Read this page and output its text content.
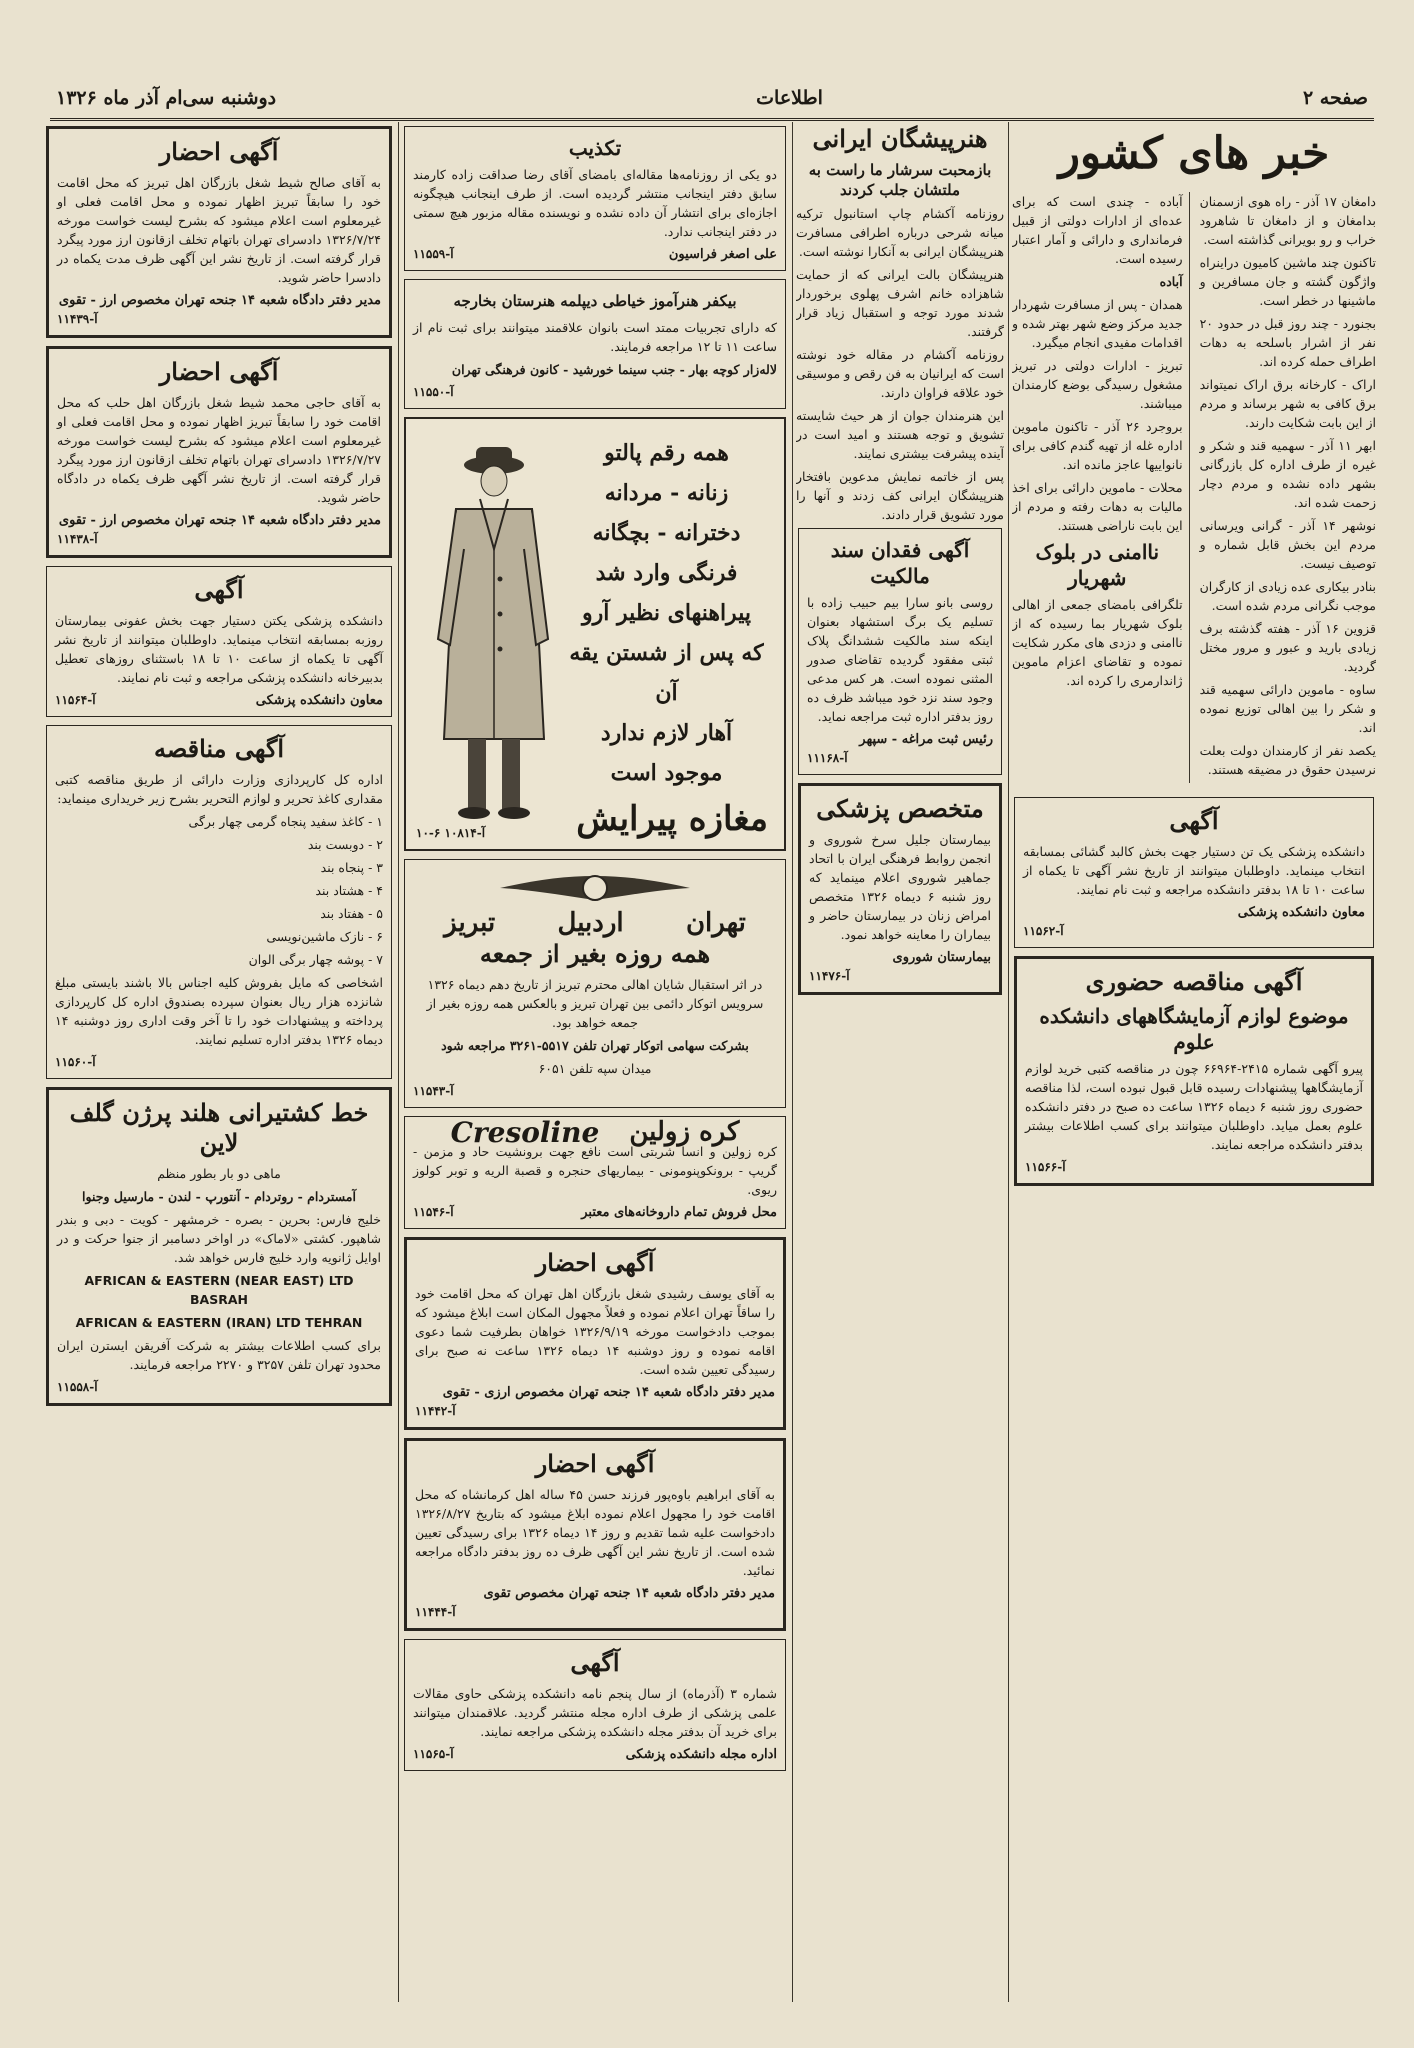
صفحه ۲
اطلاعات
دوشنبه سی‌ام آذر ماه ۱۳۲۶
خبر های کشور

دامغان ۱۷ آذر - راه هوی ازسمنان بدامغان و از دامغان تا شاهرود خراب و رو بویرانی گذاشته است.

تاکنون چند ماشین کامیون دراینراه واژگون گشته و جان مسافرین و ماشینها در خطر است.

بجنورد - چند روز قبل در حدود ۲۰ نفر از اشرار باسلحه به دهات اطراف حمله کرده اند.

اراک - کارخانه برق اراک نمیتواند برق کافی به شهر برساند و مردم از این بابت شکایت دارند.

ابهر ۱۱ آذر - سهمیه قند و شکر و غیره از طرف اداره کل بازرگانی بشهر داده نشده و مردم دچار زحمت شده اند.

نوشهر ۱۴ آذر - گرانی ویرسانی مردم این بخش قابل شماره و توصیف نیست.

بنادر بیکاری عده زیادی از کارگران موجب نگرانی مردم شده است.

قزوین ۱۶ آذر - هفته گذشته برف زیادی بارید و عبور و مرور مختل گردید.

ساوه - ماموین دارائی سهمیه قند و شکر را بین اهالی توزیع نموده اند.

یکصد نفر از کارمندان دولت بعلت نرسیدن حقوق در مضیقه هستند.

آباده - چندی است که برای عده‌ای از ادارات دولتی از قبیل فرمانداری و دارائی و آمار اعتبار رسیده است.

آباده

همدان - پس از مسافرت شهردار جدید مرکز وضع شهر بهتر شده و اقدامات مفیدی انجام میگیرد.

تبریز - ادارات دولتی در تبریز مشغول رسیدگی بوضع کارمندان میباشند.

بروجرد ۲۶ آذر - تاکنون ماموین اداره غله از تهیه گندم کافی برای نانواییها عاجز مانده اند.

محلات - ماموین دارائی برای اخذ مالیات به دهات رفته و مردم از این بابت ناراضی هستند.

ناامنی در بلوک شهریار

تلگرافی بامضای جمعی از اهالی بلوک شهریار بما رسیده که از ناامنی و دزدی های مکرر شکایت نموده و تقاضای اعزام ماموین ژاندارمری را کرده اند.

آگهی

دانشکده پزشکی یک تن دستیار جهت بخش کالبد گشائی بمسابقه انتخاب مینماید. داوطلبان میتوانند از تاریخ نشر آگهی تا یکماه از ساعت ۱۰ تا ۱۸ بدفتر دانشکده مراجعه و ثبت نام نمایند.

معاون دانشکده پزشکی
آ-۱۱۵۶۲
آگهی مناقصه حضوری
موضوع لوازم آزمایشگاههای دانشکده علوم

پیرو آگهی شماره ۲۴۱۵-۶۶۹۶۴ چون در مناقصه کتبی خرید لوازم آزمایشگاهها پیشنهادات رسیده قابل قبول نبوده است، لذا مناقصه حضوری روز شنبه ۶ دیماه ۱۳۲۶ ساعت ده صبح در دفتر دانشکده علوم بعمل میاید. داوطلبان میتوانند برای کسب اطلاعات بیشتر بدفتر دانشکده مراجعه نمایند.

آ-۱۱۵۶۶
هنرپیشگان ایرانی
بازمحبت سرشار ما راست به ملتشان جلب کردند

روزنامه آکشام چاپ استانبول ترکیه میانه شرحی درباره اطرافی مسافرت هنرپیشگان ایرانی به آنکارا نوشته است.

هنرپیشگان بالت ایرانی که از حمایت شاهزاده خانم اشرف پهلوی برخوردار شدند مورد توجه و استقبال زیاد قرار گرفتند.

روزنامه آکشام در مقاله خود نوشته است که ایرانیان به فن رقص و موسیقی خود علاقه فراوان دارند.

این هنرمندان جوان از هر حیث شایسته تشویق و توجه هستند و امید است در آینده پیشرفت بیشتری نمایند.

پس از خاتمه نمایش مدعوین بافتخار هنرپیشگان ایرانی کف زدند و آنها را مورد تشویق قرار دادند.

آگهی فقدان سند مالکیت

روسی بانو سارا بیم حبیب زاده با تسلیم یک برگ استشهاد بعنوان اینکه سند مالکیت ششدانگ پلاک ثبتی مفقود گردیده تقاضای صدور المثنی نموده است. هر کس مدعی وجود سند نزد خود میباشد ظرف ده روز بدفتر اداره ثبت مراجعه نماید.

رئیس ثبت مراغه - سپهر
آ-۱۱۱۶۸
متخصص پزشکی

بیمارستان جلیل سرخ شوروی و انجمن روابط فرهنگی ایران با اتحاد جماهیر شوروی اعلام مینماید که روز شنبه ۶ دیماه ۱۳۲۶ متخصص امراض زنان در بیمارستان حاضر و بیماران را معاینه خواهد نمود.

بیمارستان شوروی
آ-۱۱۴۷۶
تکذیب

دو یکی از روزنامه‌ها مقاله‌ای بامضای آقای رضا صداقت زاده کارمند سابق دفتر اینجانب منتشر گردیده است. از طرف اینجانب هیچگونه اجازه‌ای برای انتشار آن داده نشده و نویسنده مقاله مزبور هیچ سمتی در دفتر اینجانب ندارد.

علی اصغر فراسیون
آ-۱۱۵۵۹
بیکفر هنرآموز خیاطی دیپلمه هنرستان بخارجه

که دارای تجربیات ممتد است بانوان علاقمند میتوانند برای ثبت نام از ساعت ۱۱ تا ۱۲ مراجعه فرمایند.

لاله‌زار کوچه بهار - جنب سینما خورشید - کانون فرهنگی تهران

آ-۱۱۵۵۰
همه رقم پالتو
زنانه - مردانه
دخترانه - بچگانه
فرنگی وارد شد
پیراهنهای نظیر آرو
که پس از شستن یقه آن
آهار لازم ندارد
موجود است
آ-۱۰۸۱۴ ۶-۱۰	مغازه پیرایش
تهران
اردبیل
تبریز
همه روزه بغیر از جمعه

در اثر استقبال شایان اهالی محترم تبریز از تاریخ دهم دیماه ۱۳۲۶ سرویس اتوکار دائمی بین تهران تبریز و بالعکس همه روزه بغیر از جمعه خواهد بود.

بشرکت سهامی اتوکار تهران تلفن ۵۵۱۷-۳۲۶۱ مراجعه شود

میدان سپه تلفن ۶۰۵۱

آ-۱۱۵۴۳
کره زولین
Cresoline

کره زولین و انسا شربتی است نافع جهت برونشیت حاد و مزمن - گریپ - برونکوپنومونی - بیماریهای حنجره و قصبة الریه و توبر کولوز ریوی.

محل فروش تمام داروخانه‌های معتبر
آ-۱۱۵۴۶
آگهی احضار

به آقای یوسف رشیدی شغل بازرگان اهل تهران که محل اقامت خود را ساقاً تهران اعلام نموده و فعلاً مجهول المکان است ابلاغ میشود که بموجب دادخواست مورخه ۱۳۲۶/۹/۱۹ خواهان بطرفیت شما دعوی اقامه نموده و روز دوشنبه ۱۴ دیماه ۱۳۲۶ ساعت نه صبح برای رسیدگی تعیین شده است.

مدیر دفتر دادگاه شعبه ۱۴ جنحه تهران مخصوص ارزی - تقوی
آ-۱۱۴۴۲
آگهی احضار

به آقای ابراهیم باوه‌پور فرزند حسن ۴۵ ساله اهل کرمانشاه که محل اقامت خود را مجهول اعلام نموده ابلاغ میشود که بتاریخ ۱۳۲۶/۸/۲۷ دادخواست علیه شما تقدیم و روز ۱۴ دیماه ۱۳۲۶ برای رسیدگی تعیین شده است. از تاریخ نشر این آگهی ظرف ده روز بدفتر دادگاه مراجعه نمائید.

مدیر دفتر دادگاه شعبه ۱۴ جنحه تهران مخصوص تقوی
آ-۱۱۴۴۴
آگهی

شماره ۳ (آذرماه) از سال پنجم نامه دانشکده پزشکی حاوی مقالات علمی پزشکی از طرف اداره مجله منتشر گردید. علاقمندان میتوانند برای خرید آن بدفتر مجله دانشکده پزشکی مراجعه نمایند.

اداره مجله دانشکده پزشکی
آ-۱۱۵۶۵
آگهی احضار

به آقای صالح شیط شغل بازرگان اهل تبریز که محل اقامت خود را سابقاً تبریز اظهار نموده و محل اقامت فعلی او غیرمعلوم است اعلام میشود که بشرح لیست خواست مورخه ۱۳۲۶/۷/۲۴ دادسرای تهران باتهام تخلف ازقانون ارز مورد پیگرد قرار گرفته است. از تاریخ نشر این آگهی ظرف مدت یکماه در دادسرا حاضر شوید.

مدیر دفتر دادگاه شعبه ۱۴ جنحه تهران مخصوص ارز - تقوی
آ-۱۱۴۳۹
آگهی احضار

به آقای حاجی محمد شیط شغل بازرگان اهل حلب که محل اقامت خود را سابقاً تبریز اظهار نموده و محل اقامت فعلی او غیرمعلوم است اعلام میشود که بشرح لیست خواست مورخه ۱۳۲۶/۷/۲۷ دادسرای تهران باتهام تخلف ازقانون ارز مورد پیگرد قرار گرفته است. از تاریخ نشر آگهی ظرف یکماه در دادگاه حاضر شوید.

مدیر دفتر دادگاه شعبه ۱۴ جنحه تهران مخصوص ارز - تقوی
آ-۱۱۴۳۸
آگهی

دانشکده پزشکی یکتن دستیار جهت بخش عفونی بیمارستان روزبه بمسابقه انتخاب مینماید. داوطلبان میتوانند از تاریخ نشر آگهی تا یکماه از ساعت ۱۰ تا ۱۸ باستثنای روزهای تعطیل بدبیرخانه دانشکده پزشکی مراجعه و ثبت نام نمایند.

معاون دانشکده پزشکی
آ-۱۱۵۶۴
آگهی مناقصه

اداره کل کارپردازی وزارت دارائی از طریق مناقصه کتبی مقداری کاغذ تحریر و لوازم التحریر بشرح زیر خریداری مینماید:

۱ - کاغذ سفید پنجاه گرمی چهار برگی
۲ - دوبست بند
۳ - پنجاه بند
۴ - هشتاد بند
۵ - هفتاد بند
۶ - نازک ماشین‌نویسی
۷ - پوشه چهار برگی الوان

اشخاصی که مایل بفروش کلیه اجناس بالا باشند بایستی مبلغ شانزده هزار ریال بعنوان سپرده بصندوق اداره کل کارپردازی پرداخته و پیشنهادات خود را تا آخر وقت اداری روز دوشنبه ۱۴ دیماه ۱۳۲۶ بدفتر اداره تسلیم نمایند.

آ-۱۱۵۶۰
خط کشتیرانی هلند پرژن گلف لاین

ماهی دو بار بطور منظم

آمستردام - روتردام - آنتورپ - لندن - مارسیل وجنوا

خلیج فارس: بحرین - بصره - خرمشهر - کویت - دبی و بندر شاهپور. کشتی «لاماک» در اواخر دسامبر از جنوا حرکت و در اوایل ژانویه وارد خلیج فارس خواهد شد.

AFRICAN & EASTERN (NEAR EAST) LTD BASRAH

AFRICAN & EASTERN (IRAN) LTD TEHRAN

برای کسب اطلاعات بیشتر به شرکت آفریقن ایسترن ایران محدود تهران تلفن ۳۲۵۷ و ۲۲۷۰ مراجعه فرمایند.

آ-۱۱۵۵۸
